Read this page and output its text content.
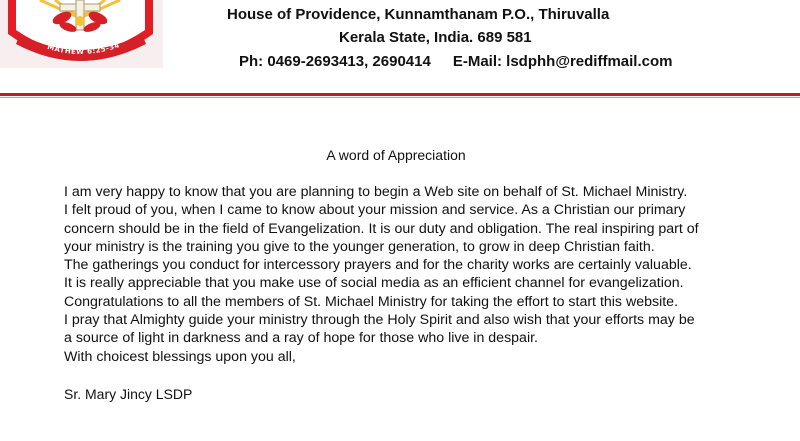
MATHEW 6:25-34
House of Providence, Kunnamthanam P.O., Thiruvalla
Kerala State, India. 689 581
Ph: 0469-2693413, 2690414 E-Mail: lsdphh@rediffmail.com
A word of Appreciation
I am very happy to know that you are planning to begin a Web site on behalf of St. Michael Ministry.
I felt proud of you, when I came to know about your mission and service. As a Christian our primary
concern should be in the field of Evangelization. It is our duty and obligation. The real inspiring part of
your ministry is the training you give to the younger generation, to grow in deep Christian faith.
The gatherings you conduct for intercessory prayers and for the charity works are certainly valuable.
It is really appreciable that you make use of social media as an efficient channel for evangelization.
Congratulations to all the members of St. Michael Ministry for taking the effort to start this website.
I pray that Almighty guide your ministry through the Holy Spirit and also wish that your efforts may be
a source of light in darkness and a ray of hope for those who live in despair.
With choicest blessings upon you all,
Sr. Mary Jincy LSDP
